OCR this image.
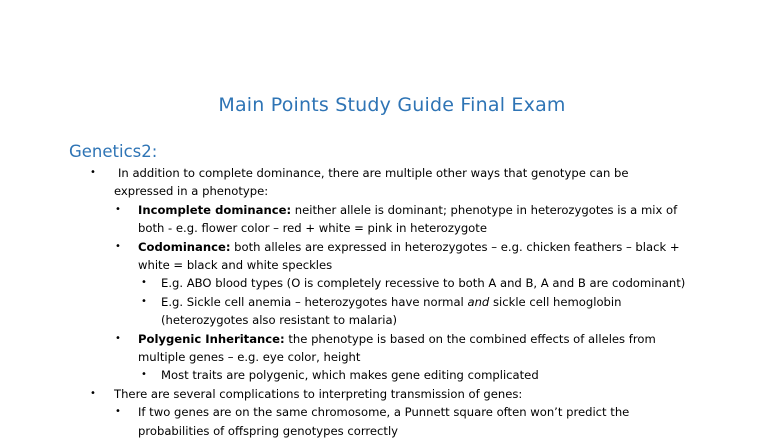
Main Points Study Guide Final Exam
Genetics2:
• In addition to complete dominance, there are multiple other ways that genotype can be expressed in a phenotype:
• Incomplete dominance: neither allele is dominant; phenotype in heterozygotes is a mix of both - e.g. flower color – red + white = pink in heterozygote
• Codominance: both alleles are expressed in heterozygotes – e.g. chicken feathers – black + white = black and white speckles
• E.g. ABO blood types (O is completely recessive to both A and B, A and B are codominant)
• E.g. Sickle cell anemia – heterozygotes have normal and sickle cell hemoglobin (heterozygotes also resistant to malaria)
• Polygenic Inheritance: the phenotype is based on the combined effects of alleles from multiple genes – e.g. eye color, height
• Most traits are polygenic, which makes gene editing complicated
• There are several complications to interpreting transmission of genes:
• If two genes are on the same chromosome, a Punnett square often won’t predict the probabilities of offspring genotypes correctly
